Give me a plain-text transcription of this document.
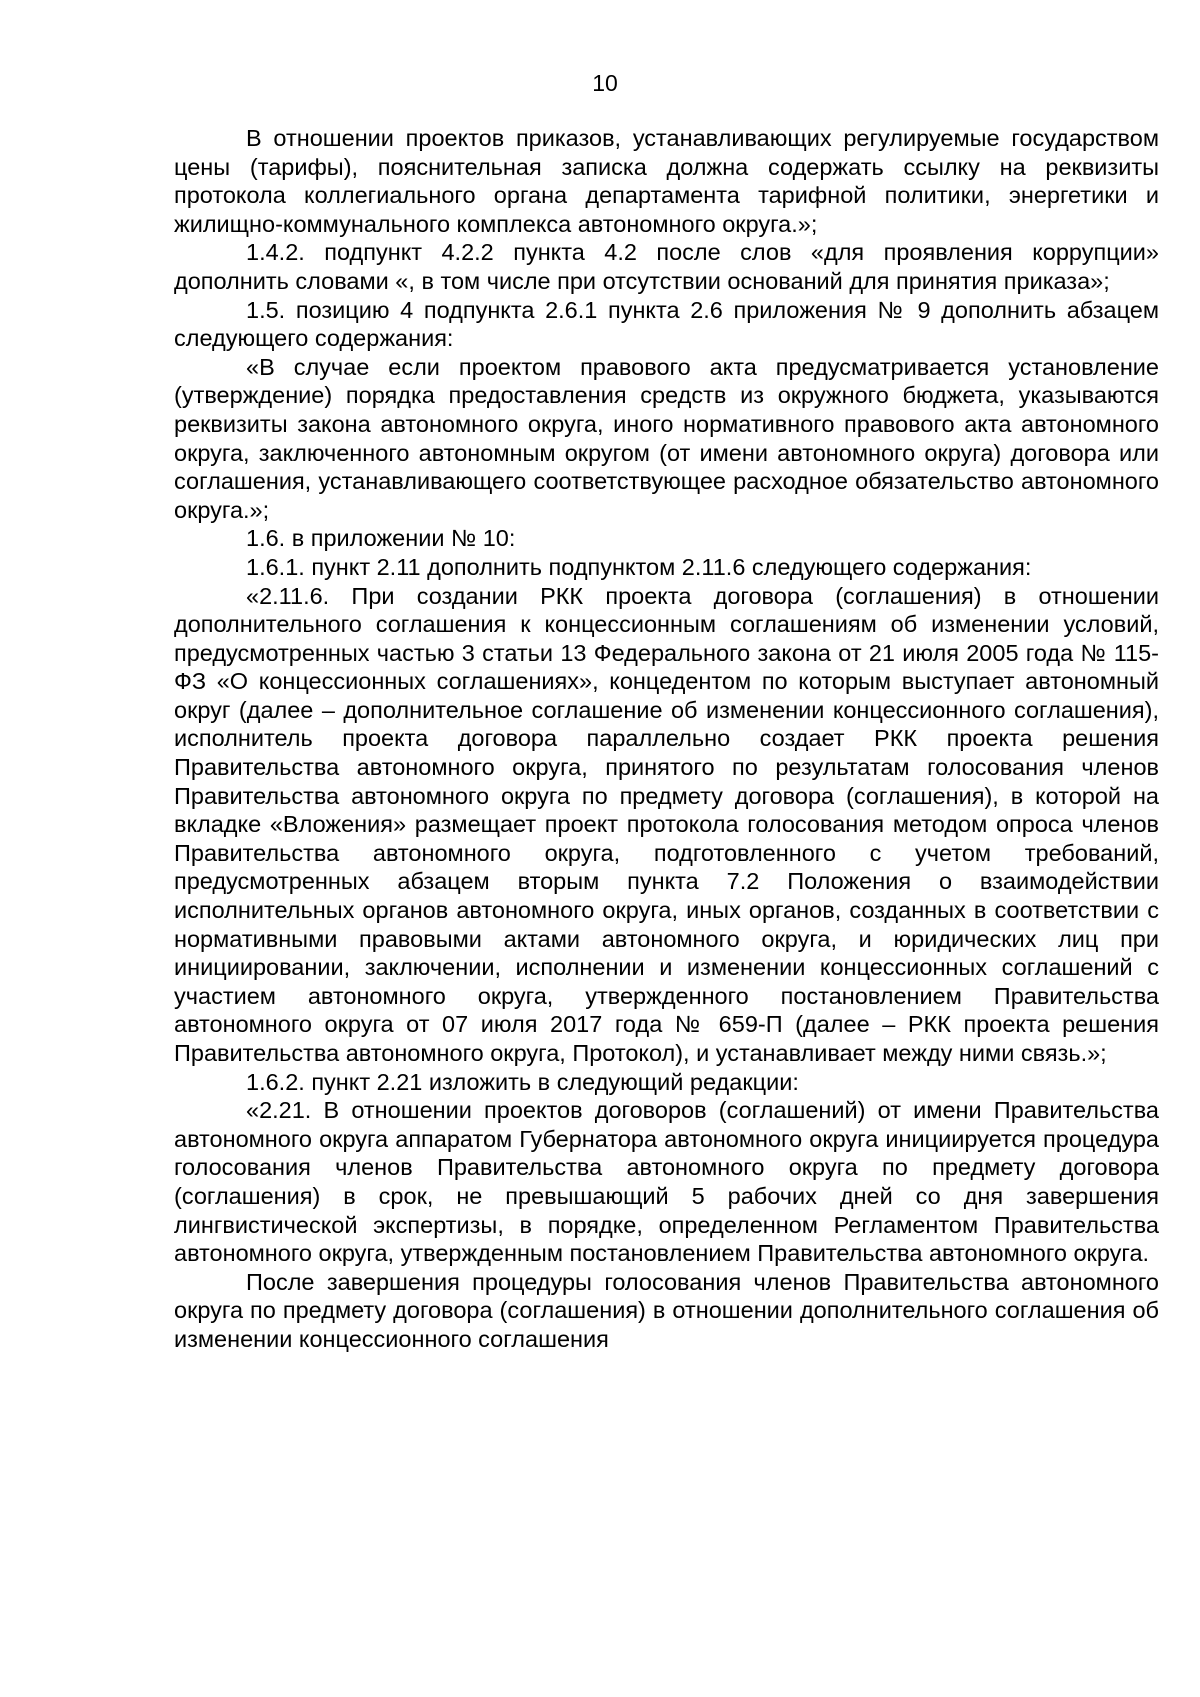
10

В отношении проектов приказов, устанавливающих регулируемые государством цены (тарифы), пояснительная записка должна содержать ссылку на реквизиты протокола коллегиального органа департамента тарифной политики, энергетики и жилищно-коммунального комплекса автономного округа.»;

1.4.2. подпункт 4.2.2 пункта 4.2 после слов «для проявления коррупции» дополнить словами «, в том числе при отсутствии оснований для принятия приказа»;

1.5. позицию 4 подпункта 2.6.1 пункта 2.6 приложения № 9 дополнить абзацем следующего содержания:

«В случае если проектом правового акта предусматривается установление (утверждение) порядка предоставления средств из окружного бюджета, указываются реквизиты закона автономного округа, иного нормативного правового акта автономного округа, заключенного автономным округом (от имени автономного округа) договора или соглашения, устанавливающего соответствующее расходное обязательство автономного округа.»;

1.6. в приложении № 10:

1.6.1. пункт 2.11 дополнить подпунктом 2.11.6 следующего содержания:

«2.11.6. При создании РКК проекта договора (соглашения) в отношении дополнительного соглашения к концессионным соглашениям об изменении условий, предусмотренных частью 3 статьи 13 Федерального закона от 21 июля 2005 года № 115-ФЗ «О концессионных соглашениях», концедентом по которым выступает автономный округ (далее – дополнительное соглашение об изменении концессионного соглашения), исполнитель проекта договора параллельно создает РКК проекта решения Правительства автономного округа, принятого по результатам голосования членов Правительства автономного округа по предмету договора (соглашения), в которой на вкладке «Вложения» размещает проект протокола голосования методом опроса членов Правительства автономного округа, подготовленного с учетом требований, предусмотренных абзацем вторым пункта 7.2 Положения о взаимодействии исполнительных органов автономного округа, иных органов, созданных в соответствии с нормативными правовыми актами автономного округа, и юридических лиц при инициировании, заключении, исполнении и изменении концессионных соглашений с участием автономного округа, утвержденного постановлением Правительства автономного округа от 07 июля 2017 года № 659-П (далее – РКК проекта решения Правительства автономного округа, Протокол), и устанавливает между ними связь.»;

1.6.2. пункт 2.21 изложить в следующий редакции:

«2.21. В отношении проектов договоров (соглашений) от имени Правительства автономного округа аппаратом Губернатора автономного округа инициируется процедура голосования членов Правительства автономного округа по предмету договора (соглашения) в срок, не превышающий 5 рабочих дней со дня завершения лингвистической экспертизы, в порядке, определенном Регламентом Правительства автономного округа, утвержденным постановлением Правительства автономного округа.

После завершения процедуры голосования членов Правительства автономного округа по предмету договора (соглашения) в отношении дополнительного соглашения об изменении концессионного соглашения
